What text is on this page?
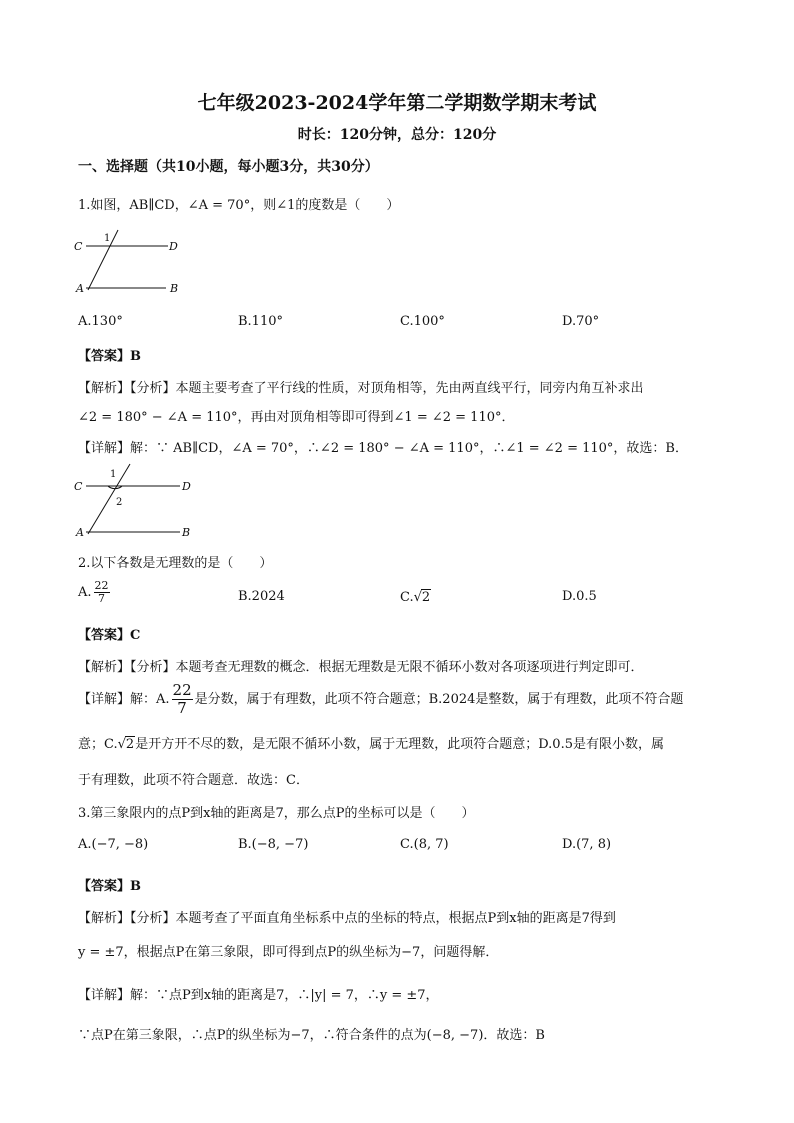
七年级2023-2024学年第二学期数学期末考试
时长：120分钟，总分：120分
一、选择题（共10小题，每小题3分，共30分）
1.如图，AB∥CD，∠A = 70°，则∠1的度数是（　　）
C	D
A	B
1
A.130°	B.110°	C.100°	D.70°
【答案】B
【解析】【分析】本题主要考查了平行线的性质，对顶角相等，先由两直线平行，同旁内角互补求出
∠2 = 180° − ∠A = 110°，再由对顶角相等即可得到∠1 = ∠2 = 110°．
【详解】解：∵ AB∥CD，∠A = 70°，∴∠2 = 180° − ∠A = 110°，∴∠1 = ∠2 = 110°，故选：B．
C	D
A	B
1
2
2.以下各数是无理数的是（　　）
A. $\frac{22}{7}$	B.2024	C.√2	D.0.5
【答案】C
【解析】【分析】本题考查无理数的概念．根据无理数是无限不循环小数对各项逐项进行判定即可．
【详解】解：A. $\frac{22}{7}$ 是分数，属于有理数，此项不符合题意；B.2024是整数，属于有理数，此项不符合题
意；C.√2是开方开不尽的数，是无限不循环小数，属于无理数，此项符合题意；D.0.5是有限小数，属
于有理数，此项不符合题意．故选：C．
3.第三象限内的点P到x轴的距离是7，那么点P的坐标可以是（　　）
A.(−7, −8)	B.(−8, −7)	C.(8, 7)	D.(7, 8)
【答案】B
【解析】【分析】本题考查了平面直角坐标系中点的坐标的特点，根据点P到x轴的距离是7得到
y = ±7，根据点P在第三象限，即可得到点P的纵坐标为−7，问题得解．
【详解】解：∵点P到x轴的距离是7，∴|y| = 7，∴y = ±7，
∵点P在第三象限，∴点P的纵坐标为−7，∴符合条件的点为(−8, −7)．故选：B
